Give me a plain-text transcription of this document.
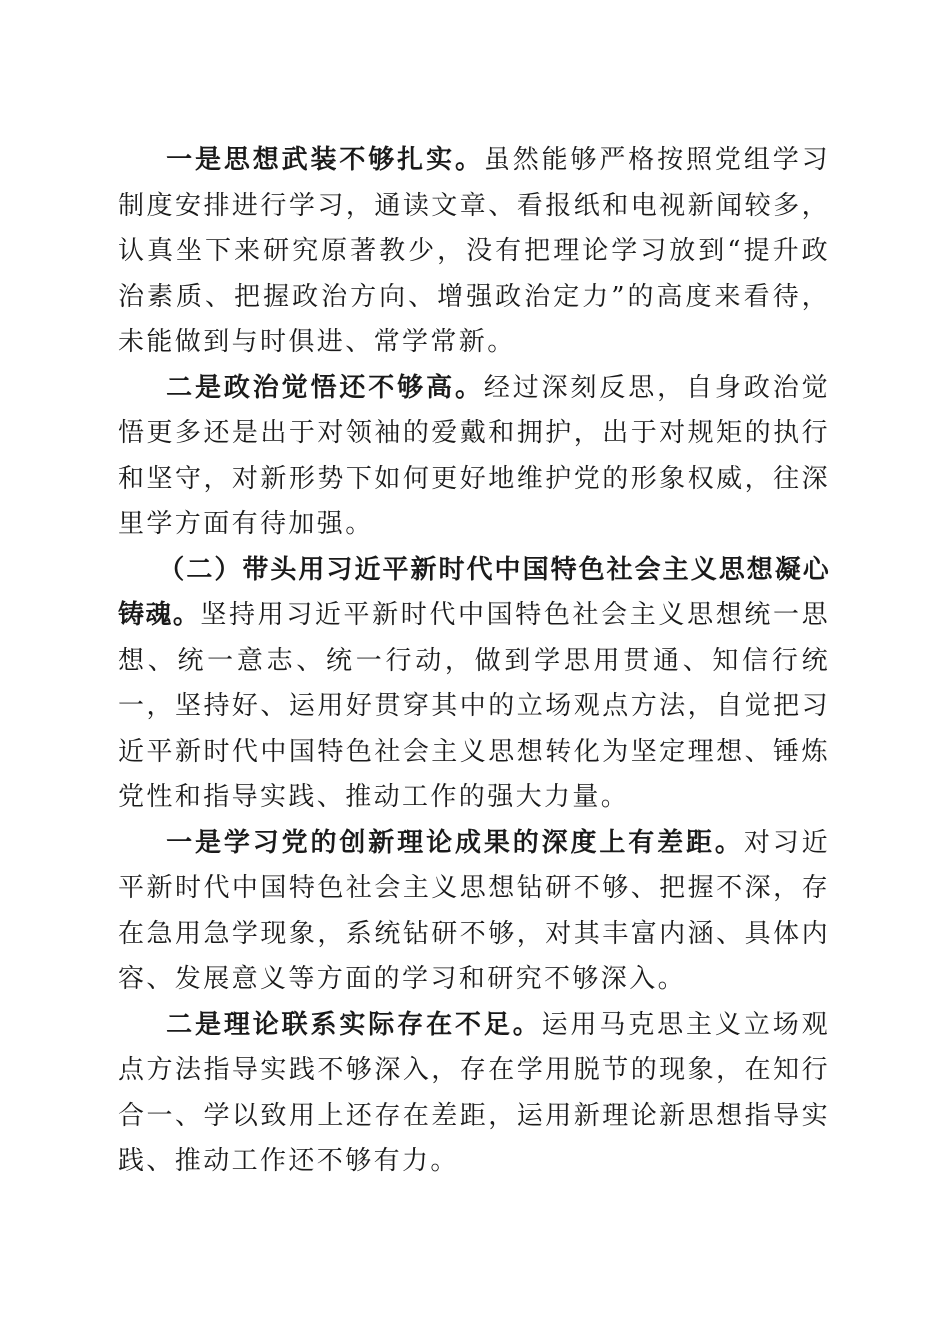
一是思想武装不够扎实。虽然能够严格按照党组学习制度安排进行学习，通读文章、看报纸和电视新闻较多，认真坐下来研究原著教少，没有把理论学习放到“提升政治素质、把握政治方向、增强政治定力”的高度来看待，未能做到与时俱进、常学常新。

二是政治觉悟还不够高。经过深刻反思，自身政治觉悟更多还是出于对领袖的爱戴和拥护，出于对规矩的执行和坚守，对新形势下如何更好地维护党的形象权威，往深里学方面有待加强。

（二）带头用习近平新时代中国特色社会主义思想凝心铸魂。坚持用习近平新时代中国特色社会主义思想统一思想、统一意志、统一行动，做到学思用贯通、知信行统一，坚持好、运用好贯穿其中的立场观点方法，自觉把习近平新时代中国特色社会主义思想转化为坚定理想、锤炼党性和指导实践、推动工作的强大力量。

一是学习党的创新理论成果的深度上有差距。对习近平新时代中国特色社会主义思想钻研不够、把握不深，存在急用急学现象，系统钻研不够，对其丰富内涵、具体内容、发展意义等方面的学习和研究不够深入。

二是理论联系实际存在不足。运用马克思主义立场观点方法指导实践不够深入，存在学用脱节的现象，在知行合一、学以致用上还存在差距，运用新理论新思想指导实践、推动工作还不够有力。
